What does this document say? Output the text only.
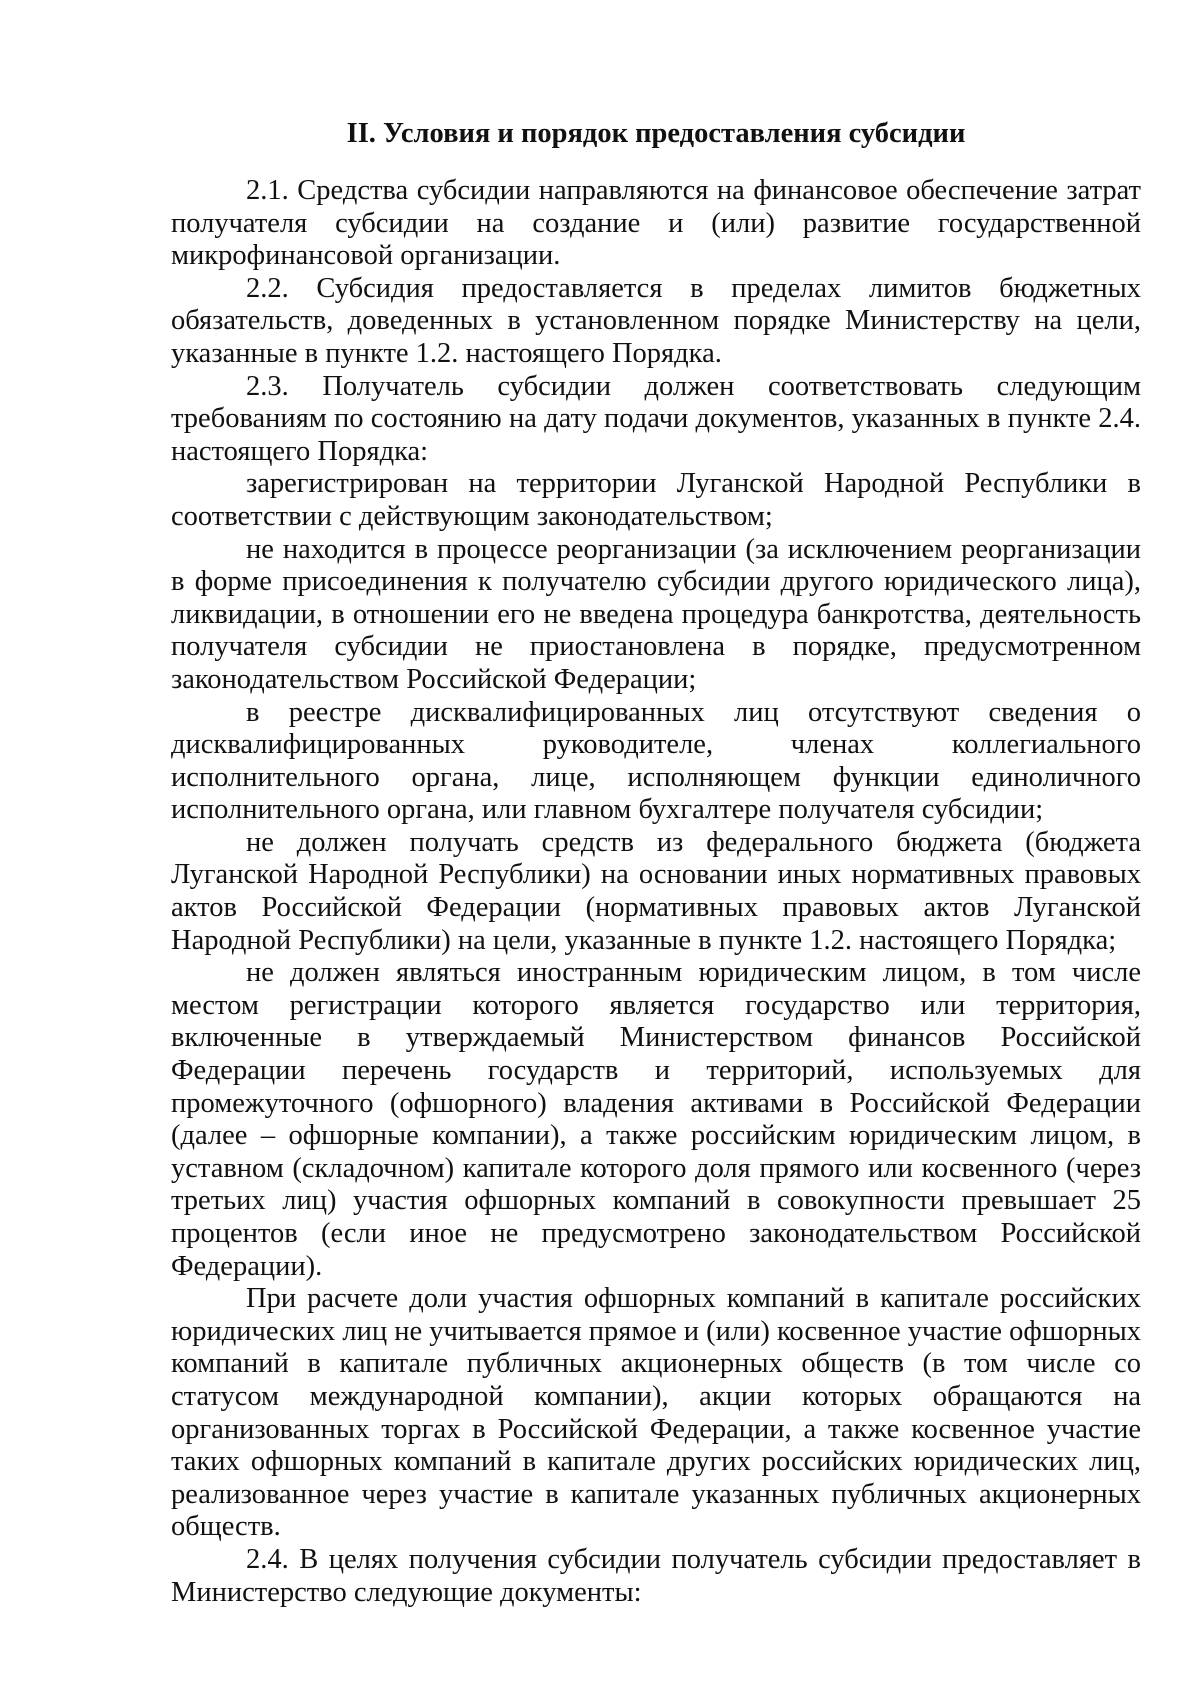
II. Условия и порядок предоставления субсидии

2.1. Средства субсидии направляются на финансовое обеспечение затрат получателя субсидии на создание и (или) развитие государственной микрофинансовой организации.

2.2. Субсидия предоставляется в пределах лимитов бюджетных обязательств, доведенных в установленном порядке Министерству на цели, указанные в пункте 1.2. настоящего Порядка.

2.3. Получатель субсидии должен соответствовать следующим требованиям по состоянию на дату подачи документов, указанных в пункте 2.4. настоящего Порядка:

зарегистрирован на территории Луганской Народной Республики в соответствии с действующим законодательством;

не находится в процессе реорганизации (за исключением реорганизации в форме присоединения к получателю субсидии другого юридического лица), ликвидации, в отношении его не введена процедура банкротства, деятельность получателя субсидии не приостановлена в порядке, предусмотренном законодательством Российской Федерации;

в реестре дисквалифицированных лиц отсутствуют сведения о дисквалифицированных руководителе, членах коллегиального исполнительного органа, лице, исполняющем функции единоличного исполнительного органа, или главном бухгалтере получателя субсидии;

не должен получать средств из федерального бюджета (бюджета Луганской Народной Республики) на основании иных нормативных правовых актов Российской Федерации (нормативных правовых актов Луганской Народной Республики) на цели, указанные в пункте 1.2. настоящего Порядка;

не должен являться иностранным юридическим лицом, в том числе местом регистрации которого является государство или территория, включенные в утверждаемый Министерством финансов Российской Федерации перечень государств и территорий, используемых для промежуточного (офшорного) владения активами в Российской Федерации (далее – офшорные компании), а также российским юридическим лицом, в уставном (складочном) капитале которого доля прямого или косвенного (через третьих лиц) участия офшорных компаний в совокупности превышает 25 процентов (если иное не предусмотрено законодательством Российской Федерации).

При расчете доли участия офшорных компаний в капитале российских юридических лиц не учитывается прямое и (или) косвенное участие офшорных компаний в капитале публичных акционерных обществ (в том числе со статусом международной компании), акции которых обращаются на организованных торгах в Российской Федерации, а также косвенное участие таких офшорных компаний в капитале других российских юридических лиц, реализованное через участие в капитале указанных публичных акционерных обществ.

2.4. В целях получения субсидии получатель субсидии предоставляет в Министерство следующие документы:
